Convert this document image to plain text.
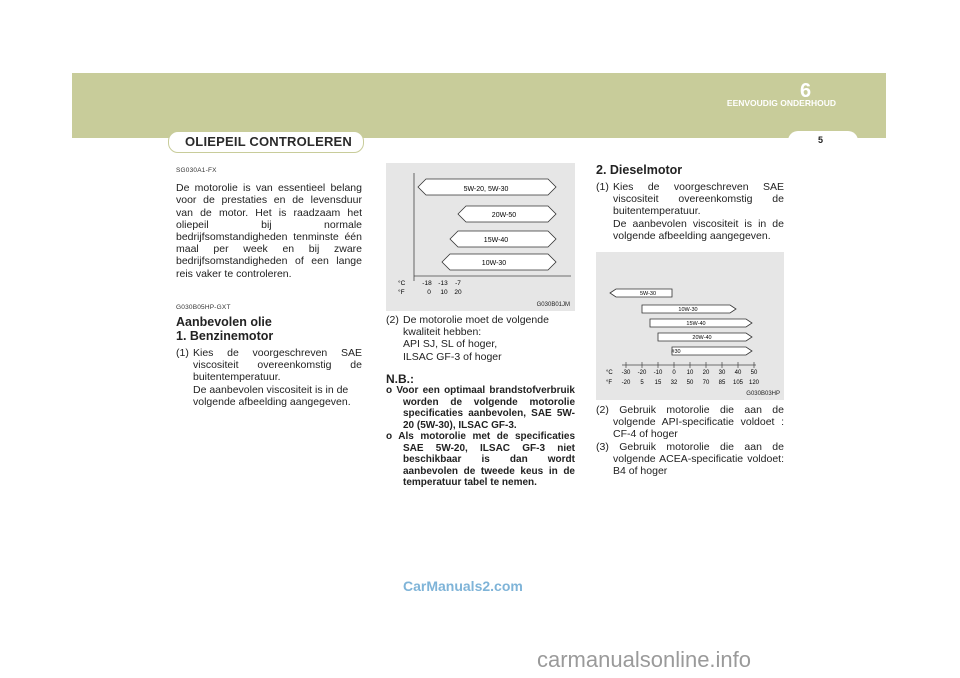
EENVOUDIG ONDERHOUD
6
OLIEPEIL CONTROLEREN	5
SG030A1-FX
De motorolie is van essentieel belang voor de prestaties en de levensduur van de motor. Het is raadzaam het oliepeil bij normale bedrijfsomstandigheden tenminste één maal per week en bij zware bedrijfsomstandigheden of een lange reis vaker te controleren.
G030B05HP-GXT
Aanbevolen olie
1. Benzinemotor
(1) Kies de voorgeschreven SAE viscositeit overeenkomstig de buitentemperatuur.
De aanbevolen viscositeit is in de volgende afbeelding aangegeven.
5W-20, 5W-30
20W-50
15W-40
10W-30
°C
°F
-18 -13 -7
0 10 20
G030B01JM
(2) De motorolie moet de volgende kwaliteit hebben:
API SJ, SL of hoger,
ILSAC GF-3 of hoger
N.B.:
o Voor een optimaal brandstofverbruik worden de volgende motorolie specificaties aanbevolen, SAE 5W-20 (5W-30), ILSAC GF-3.
o Als motorolie met de specificaties SAE 5W-20, ILSAC GF-3 niet beschikbaar is dan wordt aanbevolen de tweede keus in de temperatuur tabel te nemen.
2. Dieselmotor
(1) Kies de voorgeschreven SAE viscositeit overeenkomstig de buitentemperatuur.
De aanbevolen viscositeit is in de volgende afbeelding aangegeven.
5W-30
10W-30
15W-40
20W-40
#30
°C
°F
-30 -20 -10 0 10 20 30 40 50
-20 5 15 32 50 70 85 105 120
G030B03HP
(2) Gebruik motorolie die aan de volgende API-specificatie voldoet : CF-4 of hoger
(3) Gebruik motorolie die aan de volgende ACEA-specificatie voldoet: B4 of hoger
CarManuals2.com
carmanualsonline.info
